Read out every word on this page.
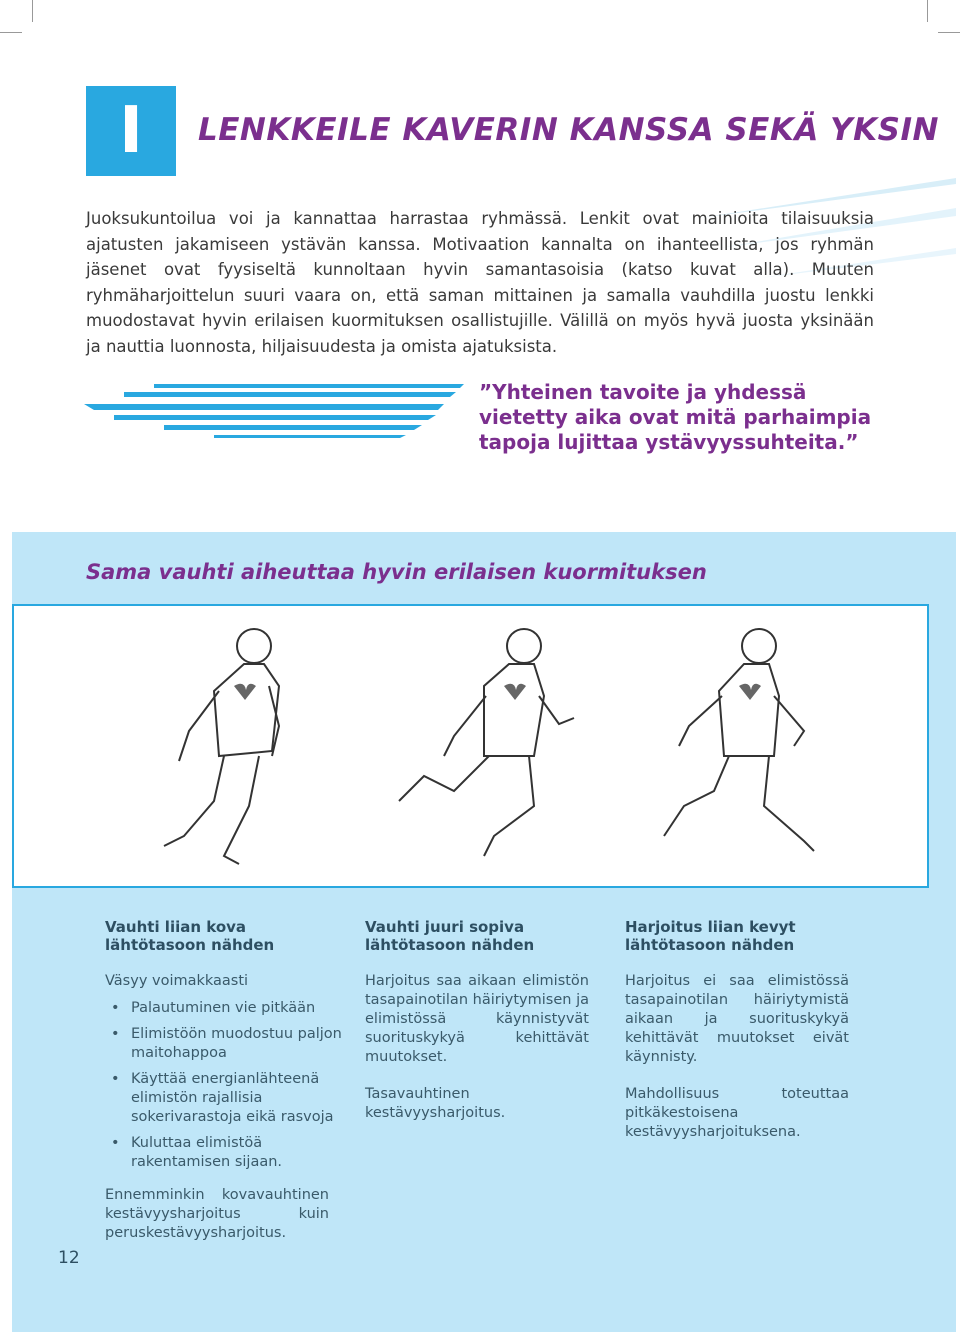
I	LENKKEILE KAVERIN KANSSA SEKÄ YKSIN
Juoksukuntoilua voi ja kannattaa harrastaa ryhmässä. Lenkit ovat mainioita tilaisuuksia ajatusten jakamiseen ystävän kanssa. Motivaation kannalta on ihanteellista, jos ryhmän jäsenet ovat fyysiseltä kunnoltaan hyvin samantasoisia (katso kuvat alla). Muuten ryhmäharjoittelun suuri vaara on, että saman mittainen ja samalla vauhdilla juostu lenkki muodostavat hyvin erilaisen kuormituksen osallistujille. Välillä on myös hyvä juosta yksinään ja nauttia luonnosta, hiljaisuudesta ja omista ajatuksista.
”Yhteinen tavoite ja yhdessä vietetty aika ovat mitä parhaimpia tapoja lujittaa ystävyyssuhteita.”
Sama vauhti aiheuttaa hyvin erilaisen kuormituksen
Vauhti liian kova lähtötasoon nähden

Väsyy voimakkaasti

• Palautuminen vie pitkään
• Elimistöön muodostuu paljon maitohappoa
• Käyttää energianlähteenä elimistön rajallisia sokerivarastoja eikä rasvoja
• Kuluttaa elimistöä rakentamisen sijaan.
Ennemminkin kovavauhtinen kestävyysharjoitus kuin peruskestävyysharjoitus.
Vauhti juuri sopiva lähtötasoon nähden

Harjoitus saa aikaan elimistön tasapainotilan häiriytymisen ja elimistössä käynnistyvät suorituskykyä kehittävät muutokset.

Tasavauhtinen kestävyysharjoitus.

Harjoitus liian kevyt lähtötasoon nähden

Harjoitus ei saa elimistössä tasapainotilan häiriytymistä aikaan ja suorituskykyä kehittävät muutokset eivät käynnisty.

Mahdollisuus toteuttaa pitkäkestoisena kestävyysharjoituksena.

12
